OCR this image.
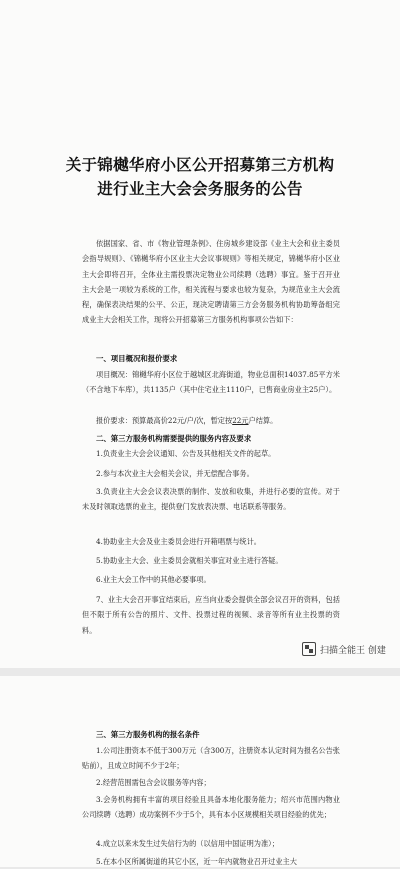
关于锦樾华府小区公开招募第三方机构
进行业主大会会务服务的公告

依据国家、省、市《物业管理条例》、住房城乡建设部《业主大会和业主委员会指导规则》、《锦樾华府小区业主大会议事规则》等相关规定，锦樾华府小区业主大会即将召开，全体业主需投票决定物业公司续聘（选聘）事宜。鉴于召开业主大会是一项较为系统的工作，相关流程与要求也较为复杂，为规范业主大会流程，确保表决结果的公平、公正，现决定聘请第三方会务服务机构协助筹备组完成业主大会相关工作，现将公开招募第三方服务机构事项公告如下：

一、项目概况和报价要求

项目概况：锦樾华府小区位于越城区北海街道，物业总面积14037.85平方米（不含地下车库），共1135户（其中住宅业主1110户，已售商业房业主25户）。

报价要求：预算最高价22元/户/次，暂定按22元户结算。

二、第三方服务机构需要提供的服务内容及要求

1.负责业主大会会议通知、公告及其他相关文件的起草。

2.参与本次业主大会相关会议，并无偿配合事务。

3.负责业主大会会议表决票的制作、发放和收集，并进行必要的宣传。对于未及时领取选票的业主，提供登门发放表决票、电话联系等服务。

4.协助业主大会及业主委员会进行开箱唱票与统计。

5.协助业主大会、业主委员会就相关事宜对业主进行答疑。

6.业主大会工作中的其他必要事项。

7、业主大会召开事宜结束后，应当向业委会提供全部会议召开的资料，包括但不限于所有公告的照片、文件、投票过程的视频、录音等所有业主投票的资料。

扫描全能王 创建
三、第三方服务机构的报名条件

1.公司注册资本不低于300万元（含300万，注册资本认定时间为报名公告张贴前），且成立时间不少于2年；

2.经营范围需包含会议服务等内容；

3.会务机构拥有丰富的项目经验且具备本地化服务能力；绍兴市范围内物业公司续聘（选聘）成功案例不少于5个，具有本小区规模相关项目经验的优先；

4.成立以来未发生过失信行为的（以信用中国证明为准）；

5.在本小区所属街道的其它小区，近一年内就物业召开过业主大
